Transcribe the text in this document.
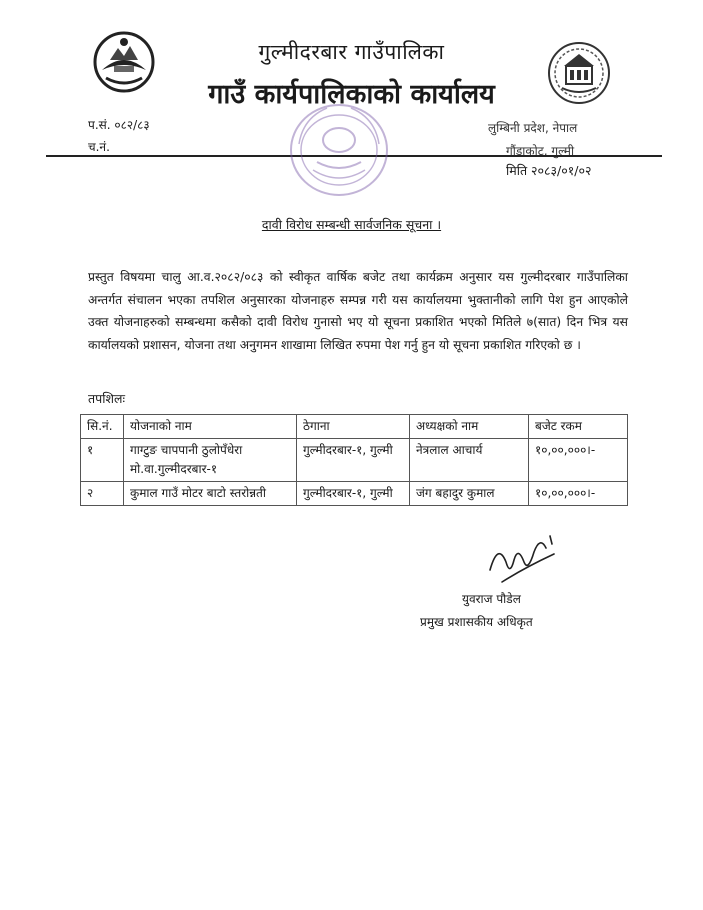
गुल्मीदरबार गाउँपालिका
गाउँ कार्यपालिकाको कार्यालय
प.सं. ०८२/८३
च.नं.
लुम्बिनी प्रदेश, नेपाल
गौंडाकोट, गुल्मी
मिति २०८३/०१/०२
दावी विरोध सम्बन्धी सार्वजनिक सूचना ।
प्रस्तुत विषयमा चालु आ.व.२०८२/०८३ को स्वीकृत वार्षिक बजेट तथा कार्यक्रम अनुसार यस गुल्मीदरबार गाउँपालिका अन्तर्गत संचालन भएका तपशिल अनुसारका योजनाहरु सम्पन्न गरी यस कार्यालयमा भुक्तानीको लागि पेश हुन आएकोले उक्त योजनाहरुको सम्बन्धमा कसैको दावी विरोध गुनासो भए यो सूचना प्रकाशित भएको मितिले ७(सात) दिन भित्र यस कार्यालयको प्रशासन, योजना तथा अनुगमन शाखामा लिखित रुपमा पेश गर्नु हुन यो सूचना प्रकाशित गरिएको छ ।
तपशिलः
सि.नं.	योजनाको नाम	ठेगाना	अध्यक्षको नाम	बजेट रकम
१	गाग्टुङ चापपानी ठुलोपँधेरा मो.वा.गुल्मीदरबार-१	गुल्मीदरबार-१, गुल्मी	नेत्रलाल आचार्य	१०,००,०००।-
२	कुमाल गाउँ मोटर बाटो स्तरोन्नती	गुल्मीदरबार-१, गुल्मी	जंग बहादुर कुमाल	१०,००,०००।-
युवराज पौडेल
प्रमुख प्रशासकीय अधिकृत
